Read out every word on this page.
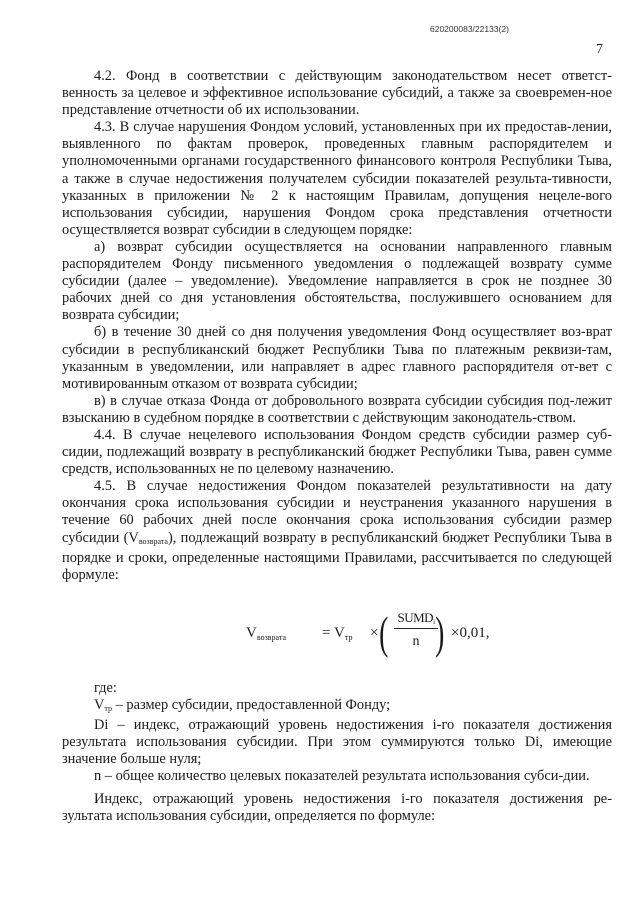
620200083/22133(2)
7

4.2. Фонд в соответствии с действующим законодательством несет ответст-венность за целевое и эффективное использование субсидий, а также за своевремен-ное представление отчетности об их использовании.

4.3. В случае нарушения Фондом условий, установленных при их предостав-лении, выявленного по фактам проверок, проведенных главным распорядителем и уполномоченными органами государственного финансового контроля Республики Тыва, а также в случае недостижения получателем субсидии показателей результа-тивности, указанных в приложении № 2 к настоящим Правилам, допущения нецеле-вого использования субсидии, нарушения Фондом срока представления отчетности осуществляется возврат субсидии в следующем порядке:

а) возврат субсидии осуществляется на основании направленного главным распорядителем Фонду письменного уведомления о подлежащей возврату сумме субсидии (далее – уведомление). Уведомление направляется в срок не позднее 30 рабочих дней со дня установления обстоятельства, послужившего основанием для возврата субсидии;

б) в течение 30 дней со дня получения уведомления Фонд осуществляет воз-врат субсидии в республиканский бюджет Республики Тыва по платежным реквизи-там, указанным в уведомлении, или направляет в адрес главного распорядителя от-вет с мотивированным отказом от возврата субсидии;

в) в случае отказа Фонда от добровольного возврата субсидии субсидия под-лежит взысканию в судебном порядке в соответствии с действующим законодатель-ством.

4.4. В случае нецелевого использования Фондом средств субсидии размер суб-сидии, подлежащий возврату в республиканский бюджет Республики Тыва, равен сумме средств, использованных не по целевому назначению.

4.5. В случае недостижения Фондом показателей результативности на дату окончания срока использования субсидии и неустранения указанного нарушения в течение 60 рабочих дней после окончания срока использования субсидии размер субсидии (Vвозврата), подлежащий возврату в республиканский бюджет Республики Тыва в порядке и сроки, определенные настоящими Правилами, рассчитывается по следующей формуле:

$V_{возврата} = V_{тр}$ × ( SUMDi
n ) ×0,01,

где:

Vтр – размер субсидии, предоставленной Фонду;

Di – индекс, отражающий уровень недостижения i-го показателя достижения результата использования субсидии. При этом суммируются только Di, имеющие значение больше нуля;

n – общее количество целевых показателей результата использования субси-дии.

Индекс, отражающий уровень недостижения i-го показателя достижения ре-зультата использования субсидии, определяется по формуле:
